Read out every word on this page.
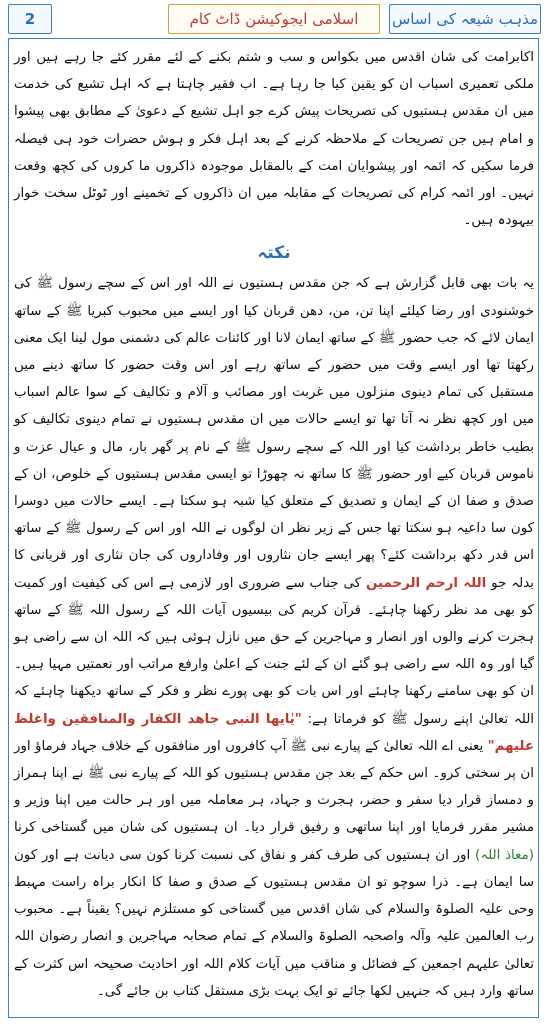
مذہب شیعہ کی اساس
اسلامی ایجوکیشن ڈاٹ کام
2

اکابرامت کی شان اقدس میں بکواس و سب و شتم بکنے کے لئے مقرر کئے جا رہے ہیں اور ملکی تعمیری اسباب ان کو یقین کیا جا رہا ہے۔ اب فقیر چاہتا ہے کہ اہل تشیع کی خدمت میں ان مقدس ہستیوں کی تصریحات پیش کرے جو اہل تشیع کے دعویٰ کے مطابق بھی پیشوا و امام ہیں جن تصریحات کے ملاحظہ کرنے کے بعد اہل فکر و ہوش حضرات خود ہی فیصلہ فرما سکیں کہ ائمہ اور پیشوایان امت کے بالمقابل موجودہ ذاکروں ما کروں کی کچھ وقعت نہیں۔ اور ائمہ کرام کی تصریحات کے مقابلہ میں ان ذاکروں کے تخمینے اور ٹوٹل سخت خوار بیہودہ ہیں۔

نکتہ

یہ بات بھی قابل گزارش ہے کہ جن مقدس ہستیوں نے اللہ اور اس کے سچے رسول ﷺ کی خوشنودی اور رضا کیلئے اپنا تن، من، دھن قربان کیا اور ایسے میں محبوب کبریا ﷺ کے ساتھ ایمان لائے کہ جب حضور ﷺ کے ساتھ ایمان لانا اور کائنات عالم کی دشمنی مول لینا ایک معنی رکھتا تھا اور ایسے وقت میں حضور کے ساتھ رہے اور اس وقت حضور کا ساتھ دینے میں مستقبل کی تمام دینوی منزلوں میں غربت اور مصائب و آلام و تکالیف کے سوا عالم اسباب میں اور کچھ نظر نہ آتا تھا تو ایسے حالات میں ان مقدس ہستیوں نے تمام دینوی تکالیف کو بطیب خاطر برداشت کیا اور اللہ کے سچے رسول ﷺ کے نام پر گھر بار، مال و عیال عزت و ناموس قربان کیے اور حضور ﷺ کا ساتھ نہ چھوڑا تو ایسی مقدس ہستیوں کے خلوص، ان کے صدق و صفا ان کے ایمان و تصدیق کے متعلق کیا شبہ ہو سکتا ہے۔ ایسے حالات میں دوسرا کون سا داعیہ ہو سکتا تھا جس کے زیر نظر ان لوگوں نے اللہ اور اس کے رسول ﷺ کے ساتھ اس قدر دکھ برداشت کئے؟ پھر ایسے جان نثاروں اور وفاداروں کی جان نثاری اور قربانی کا بدلہ جو اللہ ارحم الرحمین کی جناب سے ضروری اور لازمی ہے اس کی کیفیت اور کمیت کو بھی مد نظر رکھنا چاہئے۔ قرآن کریم کی بیسیوں آیات اللہ کے رسول اللہ ﷺ کے ساتھ ہجرت کرنے والوں اور انصار و مہاجرین کے حق میں نازل ہوئی ہیں کہ اللہ ان سے راضی ہو گیا اور وہ اللہ سے راضی ہو گئے ان کے لئے جنت کے اعلیٰ وارفع مراتب اور نعمتیں مہیا ہیں۔ ان کو بھی سامنے رکھنا چاہئے اور اس بات کو بھی پورے نظر و فکر کے ساتھ دیکھنا چاہئے کہ اللہ تعالیٰ اپنے رسول ﷺ کو فرماتا ہے: "یٰایھا النبی جاھد الکفار والمنافقین واغلظ علیھم" یعنی اے اللہ تعالیٰ کے پیارے نبی ﷺ آپ کافروں اور منافقوں کے خلاف جہاد فرماؤ اور ان پر سختی کرو۔ اس حکم کے بعد جن مقدس ہستیوں کو اللہ کے پیارے نبی ﷺ نے اپنا ہمراز و دمساز قرار دیا سفر و حضر، ہجرت و جہاد، ہر معاملہ میں اور ہر حالت میں اپنا وزیر و مشیر مقرر فرمایا اور اپنا ساتھی و رفیق قرار دیا۔ ان ہستیوں کی شان میں گستاخی کرنا (معاذ اللہ) اور ان ہستیوں کی طرف کفر و نفاق کی نسبت کرنا کون سی دیانت ہے اور کون سا ایمان ہے۔ ذرا سوچو تو ان مقدس ہستیوں کے صدق و صفا کا انکار براہ راست مہبط وحی علیہ الصلوۃ والسلام کی شان اقدس میں گستاخی کو مستلزم نہیں؟ یقیناً ہے۔ محبوب رب العالمین علیہ وآلہ واصحبہ الصلوۃ والسلام کے تمام صحابہ مہاجرین و انصار رضوان اللہ تعالیٰ علیہم اجمعین کے فضائل و مناقب میں آیات کلام اللہ اور احادیث صحیحہ اس کثرت کے ساتھ وارد ہیں کہ جنہیں لکھا جائے تو ایک بہت بڑی مستقل کتاب بن جائے گی۔
